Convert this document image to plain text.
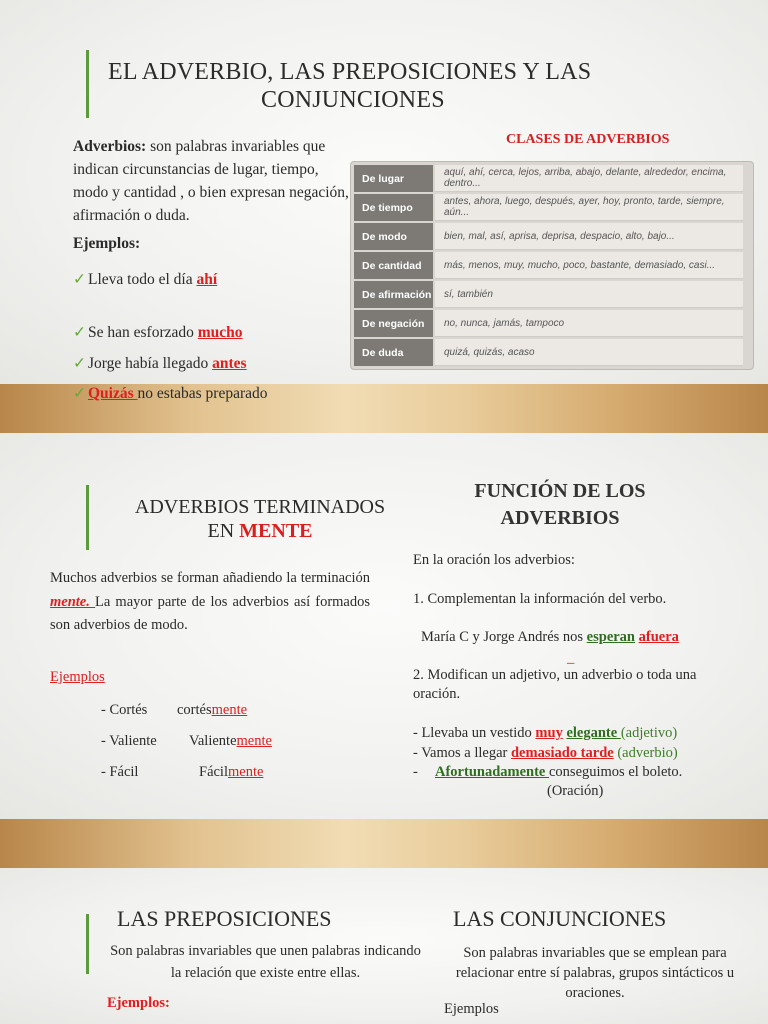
EL ADVERBIO, LAS PREPOSICIONES Y LAS
CONJUNCIONES
Adverbios: son palabras invariables que indican circunstancias de lugar, tiempo, modo y cantidad , o bien expresan negación, afirmación o duda.
Ejemplos:
✓ Lleva todo el día ahí
✓ Se han esforzado mucho
✓ Jorge había llegado antes
✓ Quizás no estabas preparado
CLASES DE ADVERBIOS
De lugar	aquí, ahí, cerca, lejos, arriba, abajo, delante, alrededor, encima, dentro...
De tiempo	antes, ahora, luego, después, ayer, hoy, pronto, tarde, siempre, aún...
De modo	bien, mal, así, aprisa, deprisa, despacio, alto, bajo...
De cantidad	más, menos, muy, mucho, poco, bastante, demasiado, casi...
De afirmación	sí, también
De negación	no, nunca, jamás, tampoco
De duda	quizá, quizás, acaso
ADVERBIOS TERMINADOS
EN MENTE
Muchos adverbios se forman añadiendo la terminación mente. La mayor parte de los adverbios así formados son adverbios de modo.
Ejemplos
- Cortés cortésmente
- Valiente Valientemente
- Fácil	Fácilmente
FUNCIÓN DE LOS ADVERBIOS
En la oración los adverbios:
1. Complementan la información del verbo.
María C y Jorge Andrés nos esperan afuera
_
2. Modifican un adjetivo, un adverbio o toda una oración.
- Llevaba un vestido muy elegante (adjetivo)
- Vamos a llegar demasiado tarde (adverbio)
- Afortunadamente conseguimos el boleto.
(Oración)
LAS PREPOSICIONES
Son palabras invariables que unen palabras indicando la relación que existe entre ellas.
Ejemplos:
LAS CONJUNCIONES
Son palabras invariables que se emplean para relacionar entre sí palabras, grupos sintácticos u oraciones.
Ejemplos
